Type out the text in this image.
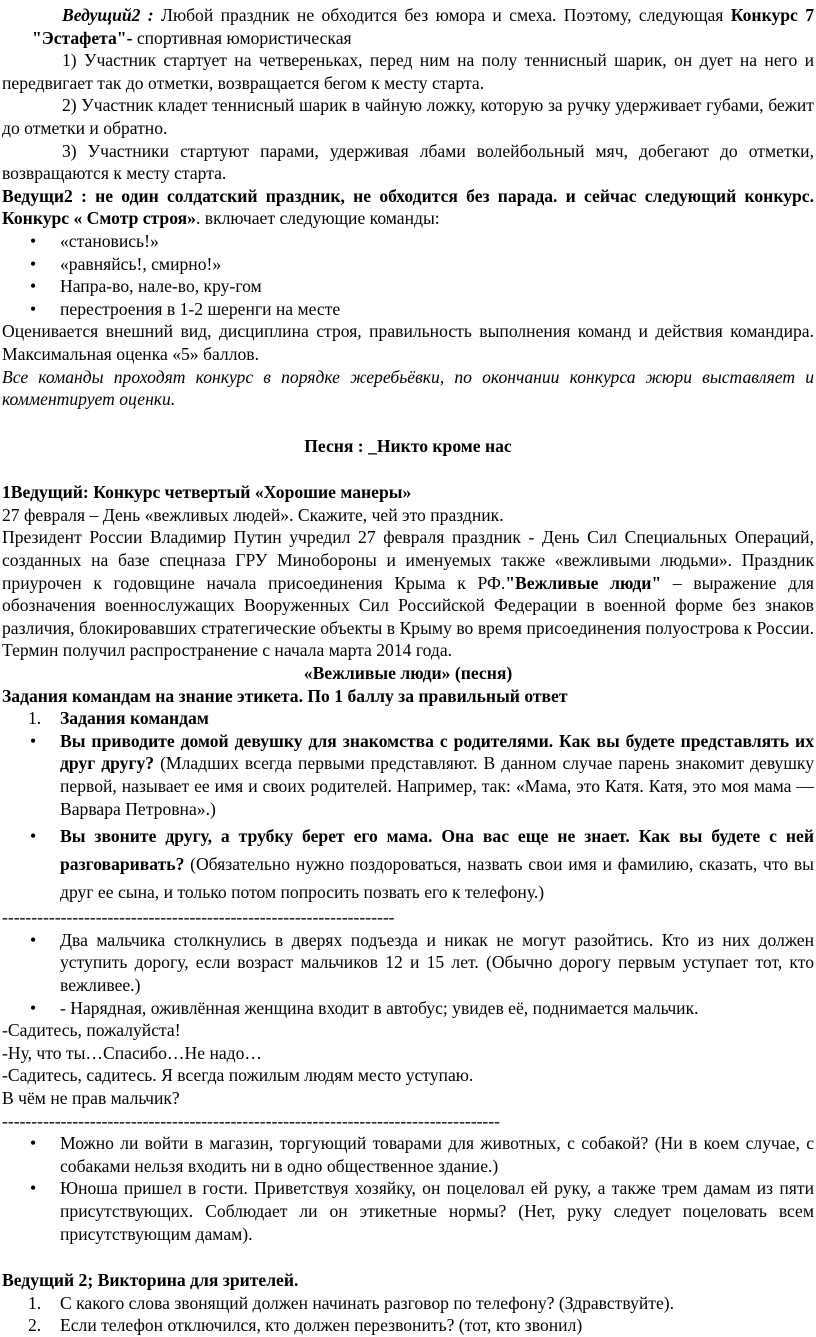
Ведущий2 : Любой праздник не обходится без юмора и смеха. Поэтому, следующая Конкурс 7 "Эстафета"- спортивная юмористическая

1) Участник стартует на четвереньках, перед ним на полу теннисный шарик, он дует на него и передвигает так до отметки, возвращается бегом к месту старта.

2) Участник кладет теннисный шарик в чайную ложку, которую за ручку удерживает губами, бежит до отметки и обратно.

3) Участники стартуют парами, удерживая лбами волейбольный мяч, добегают до отметки, возвращаются к месту старта.

Ведущи2 : не один солдатский праздник, не обходится без парада. и сейчас следующий конкурс. Конкурс « Смотр строя». включает следующие команды:

•	«становись!»
•	«равняйсь!, смирно!»
•	Напра-во, нале-во, кру-гом
•	перестроения в 1-2 шеренги на месте

Оценивается внешний вид, дисциплина строя, правильность выполнения команд и действия командира. Максимальная оценка «5» баллов.

Все команды проходят конкурс в порядке жеребьёвки, по окончании конкурса жюри выставляет и комментирует оценки.

Песня : _Никто кроме нас

1Ведущий: Конкурс четвертый «Хорошие манеры»

27 февраля – День «вежливых людей». Скажите, чей это праздник.

Президент России Владимир Путин учредил 27 февраля праздник - День Сил Специальных Операций, созданных на базе спецназа ГРУ Минобороны и именуемых также «вежливыми людьми». Праздник приурочен к годовщине начала присоединения Крыма к РФ."Вежливые люди" – выражение для обозначения военнослужащих Вооруженных Сил Российской Федерации в военной форме без знаков различия, блокировавших стратегические объекты в Крыму во время присоединения полуострова к России. Термин получил распространение с начала марта 2014 года.

«Вежливые люди» (песня)

Задания командам на знание этикета. По 1 баллу за правильный ответ

1.	Задания командам
•	Вы приводите домой девушку для знакомства с родителями. Как вы будете представлять их друг другу? (Младших всегда первыми представляют. В данном случае парень знакомит девушку первой, называет ее имя и своих родителей. Например, так: «Мама, это Катя. Катя, это моя мама — Варвара Петровна».)
•	Вы звоните другу, а трубку берет его мама. Она вас еще не знает. Как вы будете с ней разговаривать? (Обязательно нужно поздороваться, назвать свои имя и фамилию, сказать, что вы друг ее сына, и только потом попросить позвать его к телефону.)

-------------------------------------------------------------------

•	Два мальчика столкнулись в дверях подъезда и никак не могут разойтись. Кто из них должен уступить дорогу, если возраст мальчиков 12 и 15 лет. (Обычно дорогу первым уступает тот, кто вежливее.)
•	- Нарядная, оживлённая женщина входит в автобус; увидев её, поднимается мальчик.

-Садитесь, пожалуйста!

-Ну, что ты…Спасибо…Не надо…

-Садитесь, садитесь. Я всегда пожилым людям место уступаю.

В чём не прав мальчик?

-------------------------------------------------------------------------------------

•	Можно ли войти в магазин, торгующий товарами для животных, с собакой? (Ни в коем случае, с собаками нельзя входить ни в одно общественное здание.)
•	Юноша пришел в гости. Приветствуя хозяйку, он поцеловал ей руку, а также трем дамам из пяти присутствующих. Соблюдает ли он этикетные нормы? (Нет, руку следует поцеловать всем присутствующим дамам).

Ведущий 2; Викторина для зрителей.

1.	С какого слова звонящий должен начинать разговор по телефону? (Здравствуйте).
2.	Если телефон отключился, кто должен перезвонить? (тот, кто звонил)
